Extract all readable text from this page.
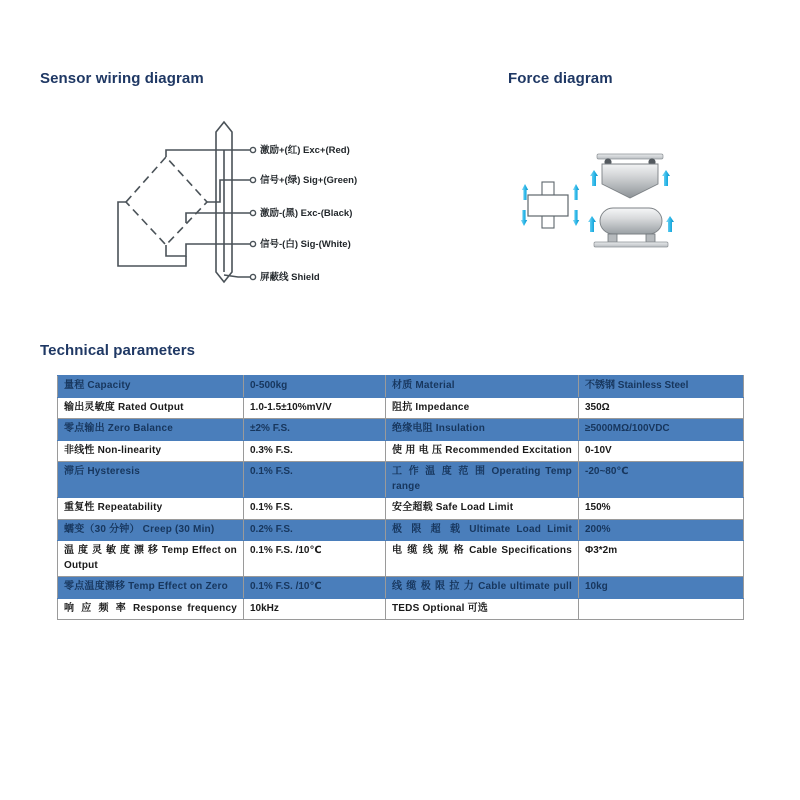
Sensor wiring diagram
激励+(红) Exc+(Red)
信号+(绿) Sig+(Green)
激励-(黑) Exc-(Black)
信号-(白) Sig-(White)
屏蔽线 Shield
Force diagram
Technical parameters
量程 Capacity	0-500kg	材质 Material	不锈钢 Stainless Steel
输出灵敏度 Rated Output	1.0-1.5±10%mV/V	阻抗 Impedance	350Ω
零点输出 Zero Balance	±2% F.S.	绝缘电阻 Insulation	≥5000MΩ/100VDC
非线性 Non-linearity	0.3% F.S.	使 用 电 压 Recommended Excitation	0-10V
滞后 Hysteresis	0.1% F.S.	工 作 温 度 范 围 Operating Temp range	-20~80℃
重复性 Repeatability	0.1% F.S.	安全超载 Safe Load Limit	150%
蠕变（30 分钟） Creep (30 Min)	0.2% F.S.	极 限 超 载 Ultimate Load Limit	200%
温 度 灵 敏 度 漂 移 Temp Effect on Output	0.1% F.S. /10℃	电 缆 线 规 格 Cable Specifications	Φ3*2m
零点温度漂移 Temp Effect on Zero	0.1% F.S. /10℃	线 缆 极 限 拉 力 Cable ultimate pull	10kg
响 应 频 率 Response frequency	10kHz	TEDS Optional 可选	
